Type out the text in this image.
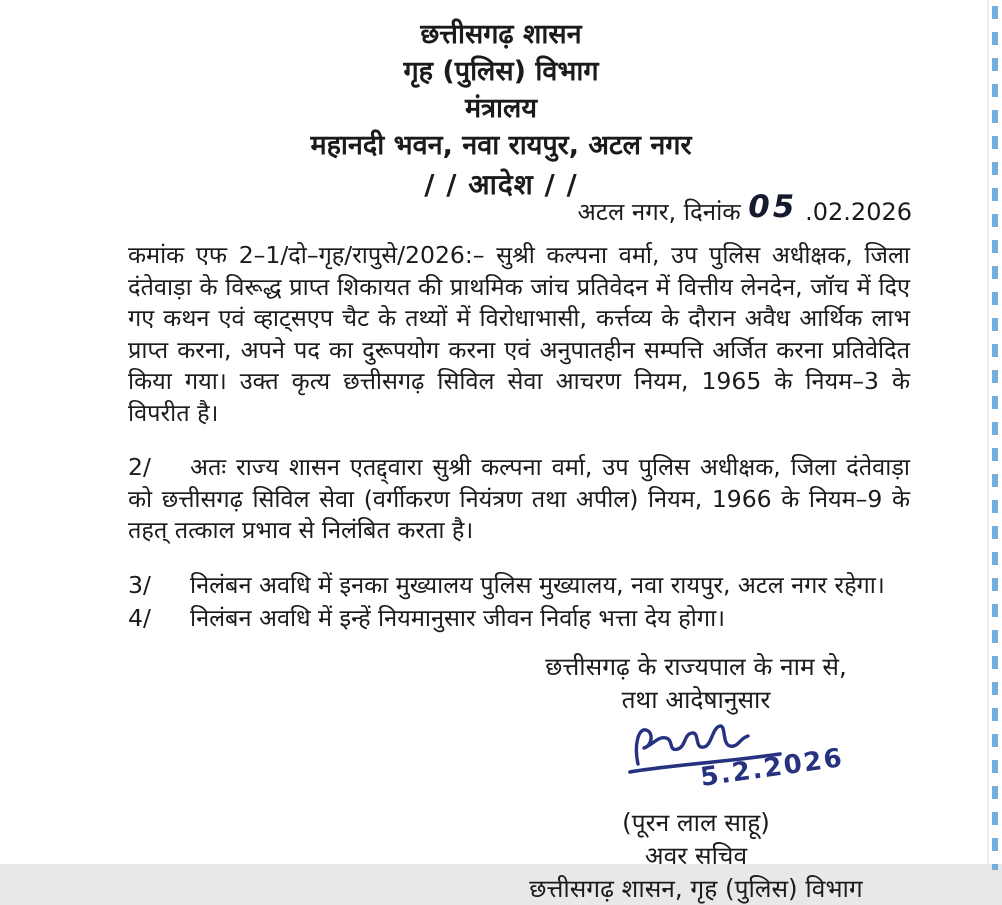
छत्तीसगढ़ शासन
गृह (पुलिस) विभाग
मंत्रालय
महानदी भवन, नवा रायपुर, अटल नगर
/ / आदेश / /
अटल नगर, दिनांक 05 .02.2026

कमांक एफ 2–1/दो–गृह/रापुसे/2026:– सुश्री कल्पना वर्मा, उप पुलिस अधीक्षक, जिला दंतेवाड़ा के विरूद्ध प्राप्त शिकायत की प्राथमिक जांच प्रतिवेदन में वित्तीय लेनदेन, जॉच में दिए गए कथन एवं व्हाट्सएप चैट के तथ्यों में विरोधाभासी, कर्त्तव्य के दौरान अवैध आर्थिक लाभ प्राप्त करना, अपने पद का दुरूपयोग करना एवं अनुपातहीन सम्पत्ति अर्जित करना प्रतिवेदित किया गया। उक्त कृत्य छत्तीसगढ़ सिविल सेवा आचरण नियम, 1965 के नियम–3 के विपरीत है।

2/ अतः राज्य शासन एतद्द्वारा सुश्री कल्पना वर्मा, उप पुलिस अधीक्षक, जिला दंतेवाड़ा को छत्तीसगढ़ सिविल सेवा (वर्गीकरण नियंत्रण तथा अपील) नियम, 1966 के नियम–9 के तहत् तत्काल प्रभाव से निलंबित करता है।

3/ निलंबन अवधि में इनका मुख्यालय पुलिस मुख्यालय, नवा रायपुर, अटल नगर रहेगा।

4/ निलंबन अवधि में इन्हें नियमानुसार जीवन निर्वाह भत्ता देय होगा।

छत्तीसगढ़ के राज्यपाल के नाम से,
तथा आदेषानुसार
5.2.2026
(पूरन लाल साहू)
अवर सचिव
छत्तीसगढ़ शासन, गृह (पुलिस) विभाग
